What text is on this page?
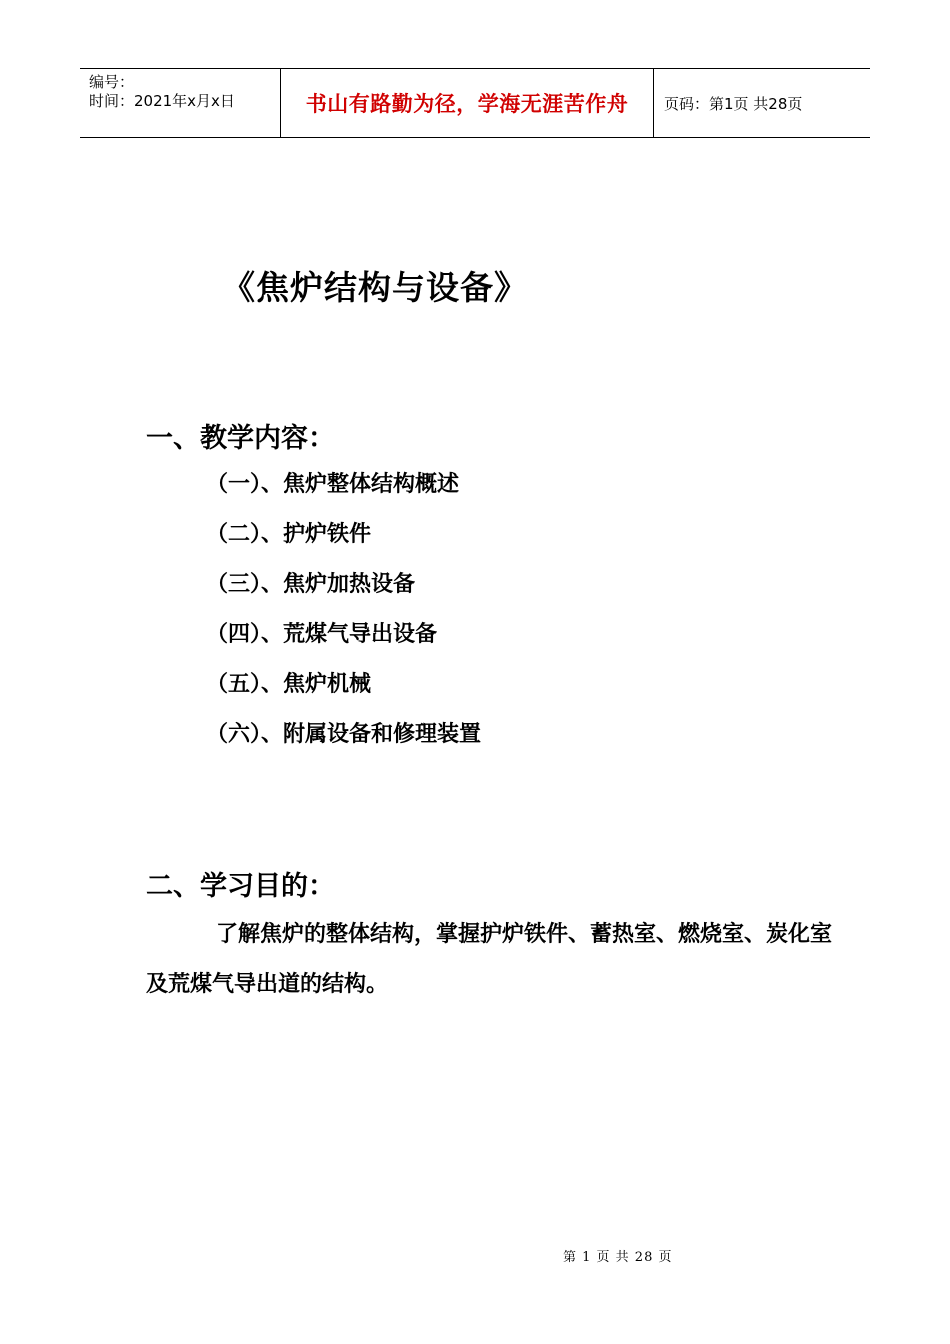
编号：
时间：2021年x月x日	书山有路勤为径，学海无涯苦作舟 页码：第1页 共28页
《焦炉结构与设备》
一、教学内容：
（一）、焦炉整体结构概述
（二）、护炉铁件
（三）、焦炉加热设备
（四）、荒煤气导出设备
（五）、焦炉机械
（六）、附属设备和修理装置
二、学习目的：

了解焦炉的整体结构，掌握护炉铁件、蓄热室、燃烧室、炭化室及荒煤气导出道的结构。

第 1 页 共 28 页
